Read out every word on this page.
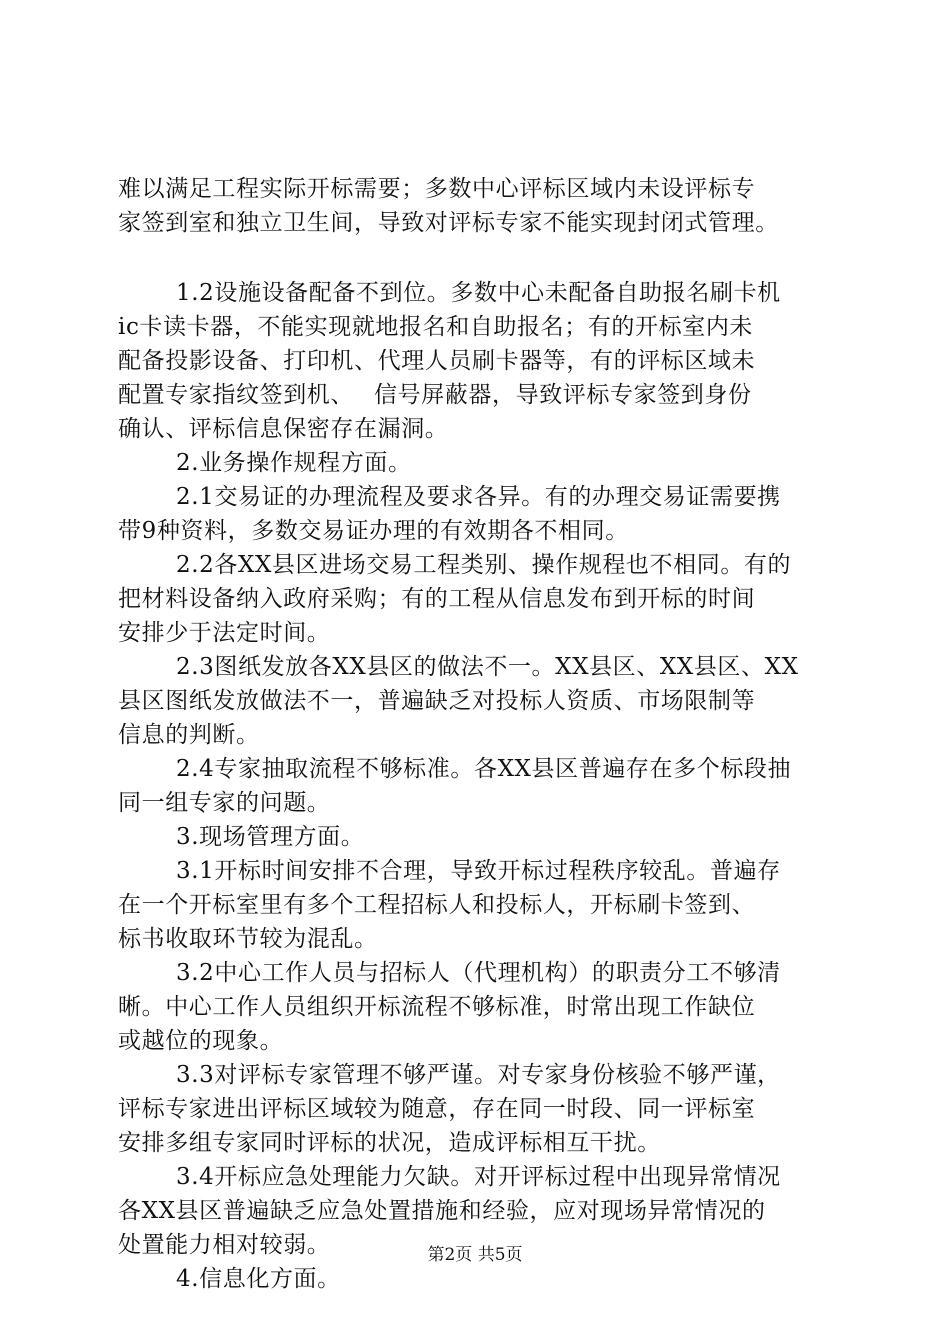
难以满足工程实际开标需要；多数中心评标区域内未设评标专
家签到室和独立卫生间，导致对评标专家不能实现封闭式管理。
1.2设施设备配备不到位。多数中心未配备自助报名刷卡机
ic卡读卡器，不能实现就地报名和自助报名；有的开标室内未
配备投影设备、打印机、代理人员刷卡器等，有的评标区域未
配置专家指纹签到机、　 信号屏蔽器，导致评标专家签到身份
确认、评标信息保密存在漏洞。
2.业务操作规程方面。
2.1交易证的办理流程及要求各异。有的办理交易证需要携
带9种资料，多数交易证办理的有效期各不相同。
2.2各XX县区进场交易工程类别、操作规程也不相同。有的
把材料设备纳入政府采购；有的工程从信息发布到开标的时间
安排少于法定时间。
2.3图纸发放各XX县区的做法不一。XX县区、XX县区、XX
县区图纸发放做法不一，普遍缺乏对投标人资质、市场限制等
信息的判断。
2.4专家抽取流程不够标准。各XX县区普遍存在多个标段抽
同一组专家的问题。
3.现场管理方面。
3.1开标时间安排不合理，导致开标过程秩序较乱。普遍存
在一个开标室里有多个工程招标人和投标人，开标刷卡签到、
标书收取环节较为混乱。
3.2中心工作人员与招标人（代理机构）的职责分工不够清
晰。中心工作人员组织开标流程不够标准，时常出现工作缺位
或越位的现象。
3.3对评标专家管理不够严谨。对专家身份核验不够严谨，
评标专家进出评标区域较为随意，存在同一时段、同一评标室
安排多组专家同时评标的状况，造成评标相互干扰。
3.4开标应急处理能力欠缺。对开评标过程中出现异常情况
各XX县区普遍缺乏应急处置措施和经验，应对现场异常情况的
处置能力相对较弱。
4.信息化方面。
第2页 共5页
